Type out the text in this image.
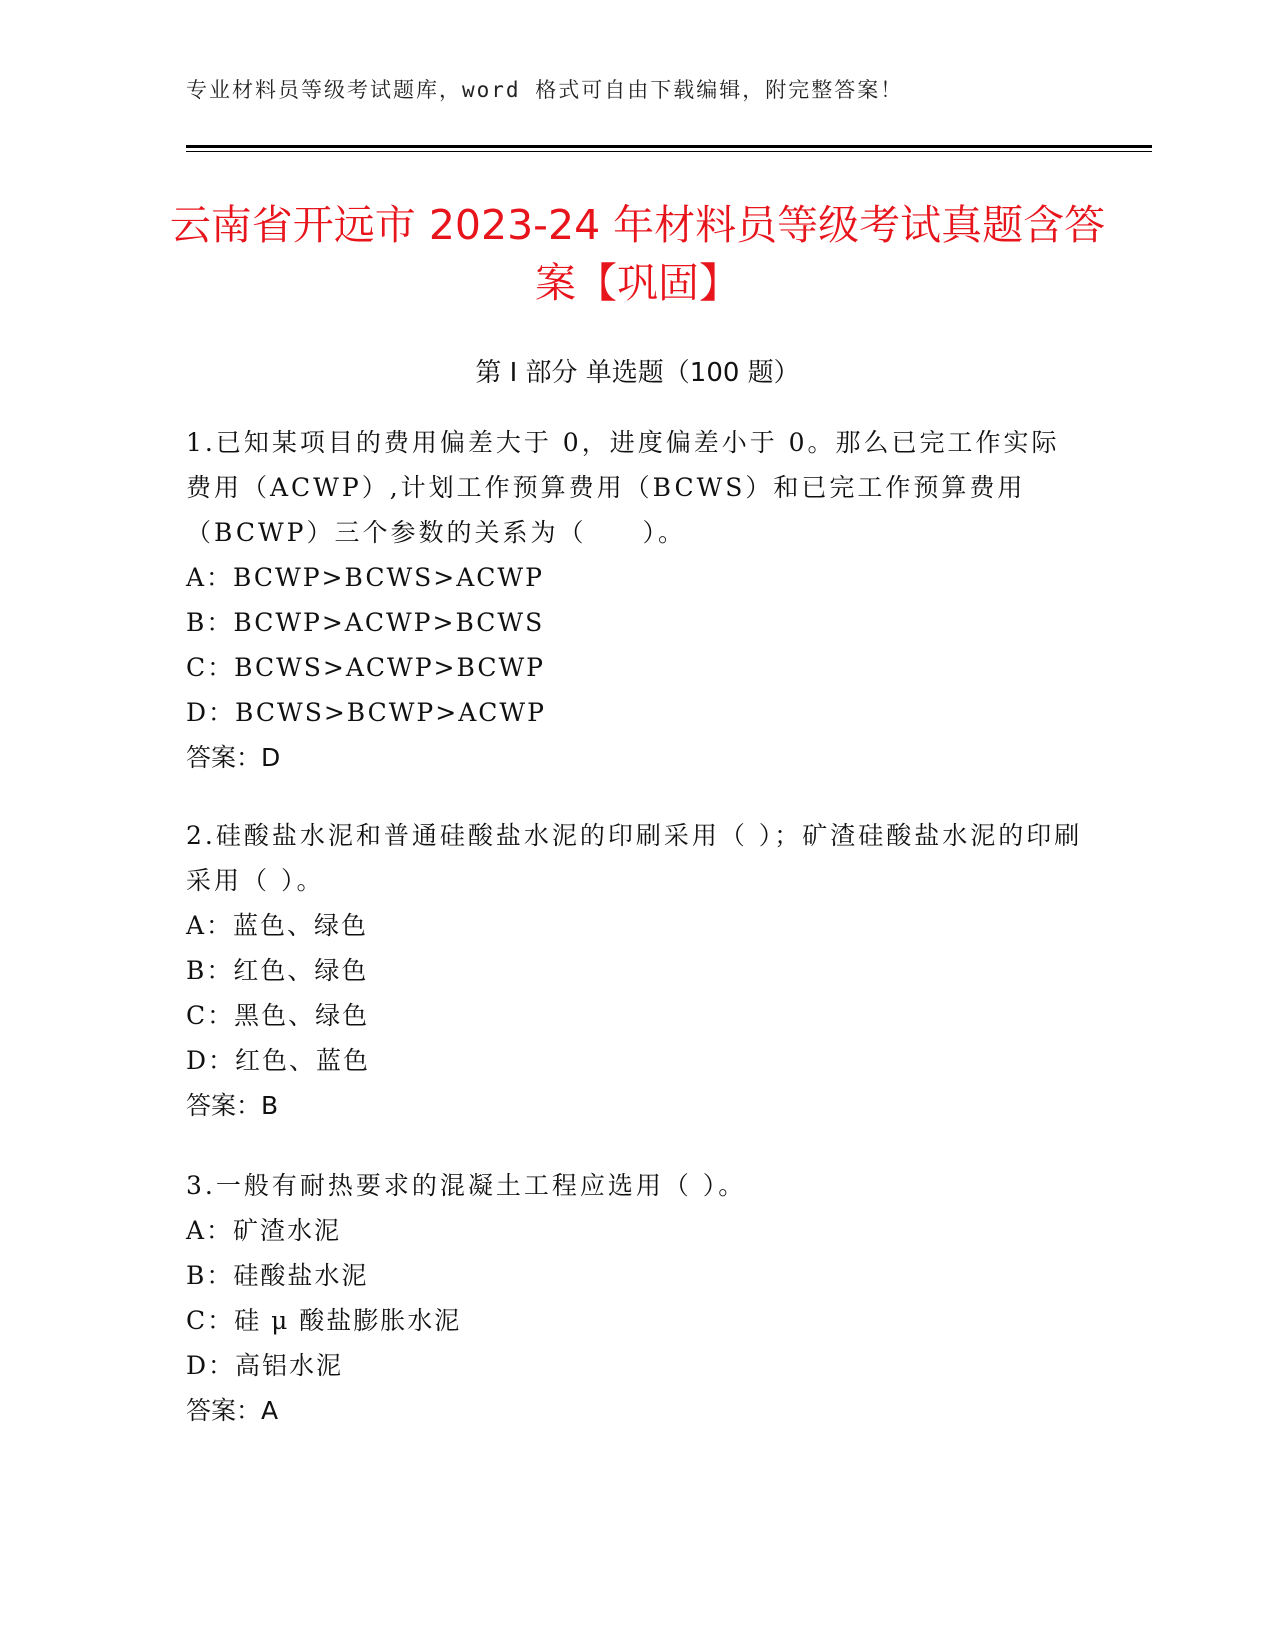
专业材料员等级考试题库，word 格式可自由下载编辑，附完整答案！
云南省开远市 2023-24 年材料员等级考试真题含答案【巩固】
第 I 部分 单选题（100 题）

1.已知某项目的费用偏差大于 0，进度偏差小于 0。那么已完工作实际费用（ACWP）,计划工作预算费用（BCWS）和已完工作预算费用（BCWP）三个参数的关系为（　　）。

A：BCWP>BCWS>ACWP

B：BCWP>ACWP>BCWS

C：BCWS>ACWP>BCWP

D：BCWS>BCWP>ACWP

答案：D

2.硅酸盐水泥和普通硅酸盐水泥的印刷采用（ ）；矿渣硅酸盐水泥的印刷采用（ ）。

A：蓝色、绿色

B：红色、绿色

C：黑色、绿色

D：红色、蓝色

答案：B

3.一般有耐热要求的混凝土工程应选用（ ）。

A：矿渣水泥

B：硅酸盐水泥

C：硅 μ 酸盐膨胀水泥

D：高铝水泥

答案：A
